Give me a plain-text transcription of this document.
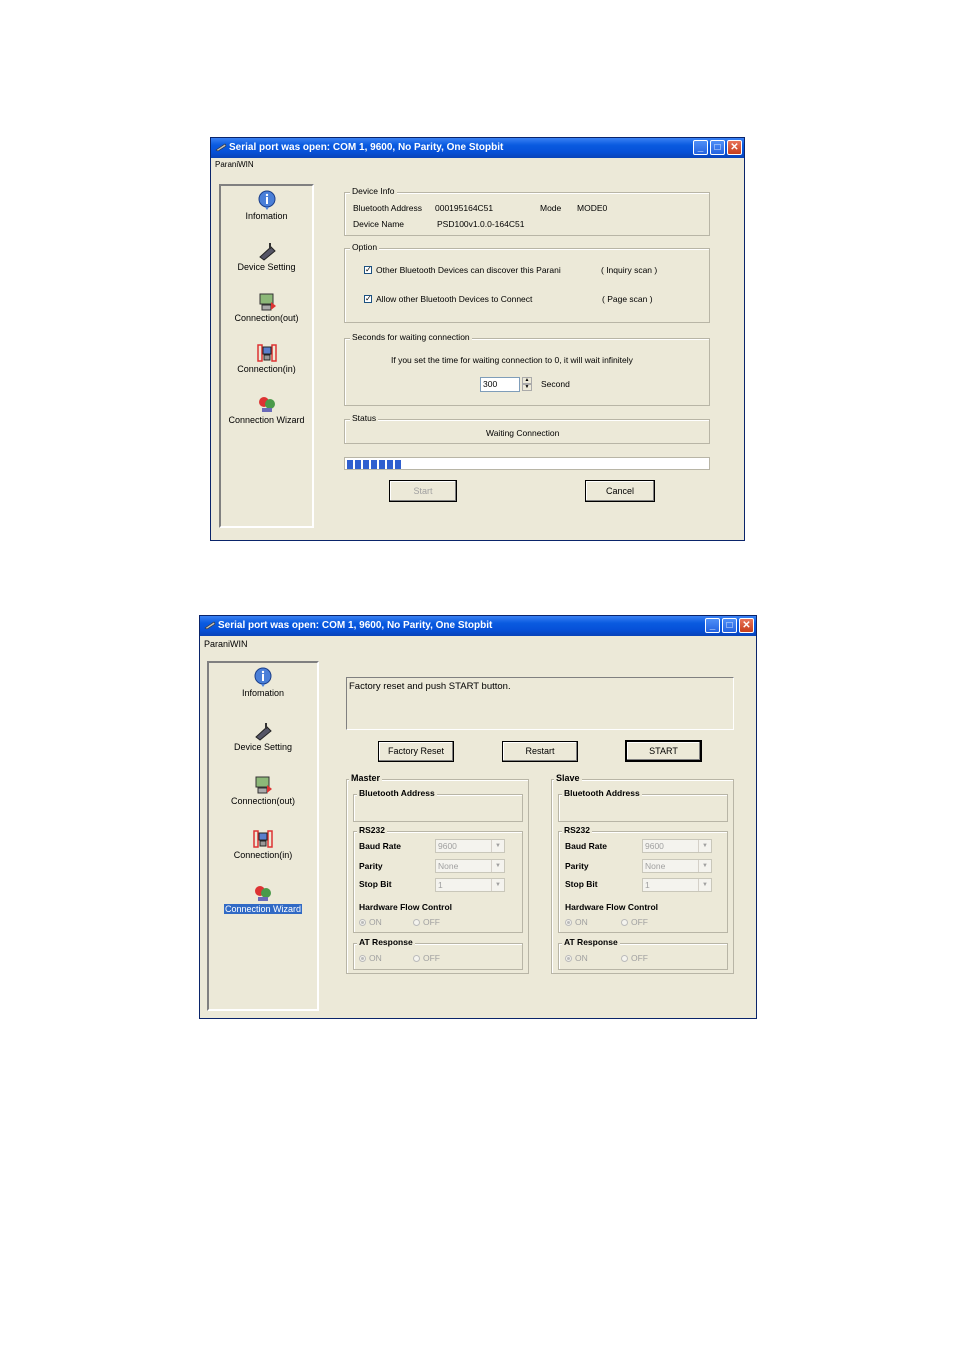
Serial port was open: COM 1, 9600, No Parity, One Stopbit	_	□ ✕
ParaniWIN
Infomation
Device Setting
Connection(out)
Connection(in)
Connection Wizard
Device Info
Bluetooth Address 000195164C51	Mode MODE0
Device Name	PSD100v1.0.0-164C51
Option
✓ Other Bluetooth Devices can discover this Parani	( Inquiry scan )
✓ Allow other Bluetooth Devices to Connect	( Page scan )
Seconds for waiting connection
If you set the time for waiting connection to 0, it will wait infinitely
300	▲
▼ Second
Status
Waiting Connection
Start	Cancel
Serial port was open: COM 1, 9600, No Parity, One Stopbit	_	□ ✕
ParaniWIN
Infomation
Device Setting
Connection(out)
Connection(in)
Connection Wizard
Factory reset and push START button.
Factory Reset	Restart	START
Master
Bluetooth Address
RS232
Baud Rate	9600	▼
Parity	None	▼
Stop Bit	1	▼
Hardware Flow Control
ON	OFF
AT Response
ON	OFF
Slave
Bluetooth Address
RS232
Baud Rate	9600	▼
Parity	None	▼
Stop Bit	1	▼
Hardware Flow Control
ON	OFF
AT Response
ON	OFF
